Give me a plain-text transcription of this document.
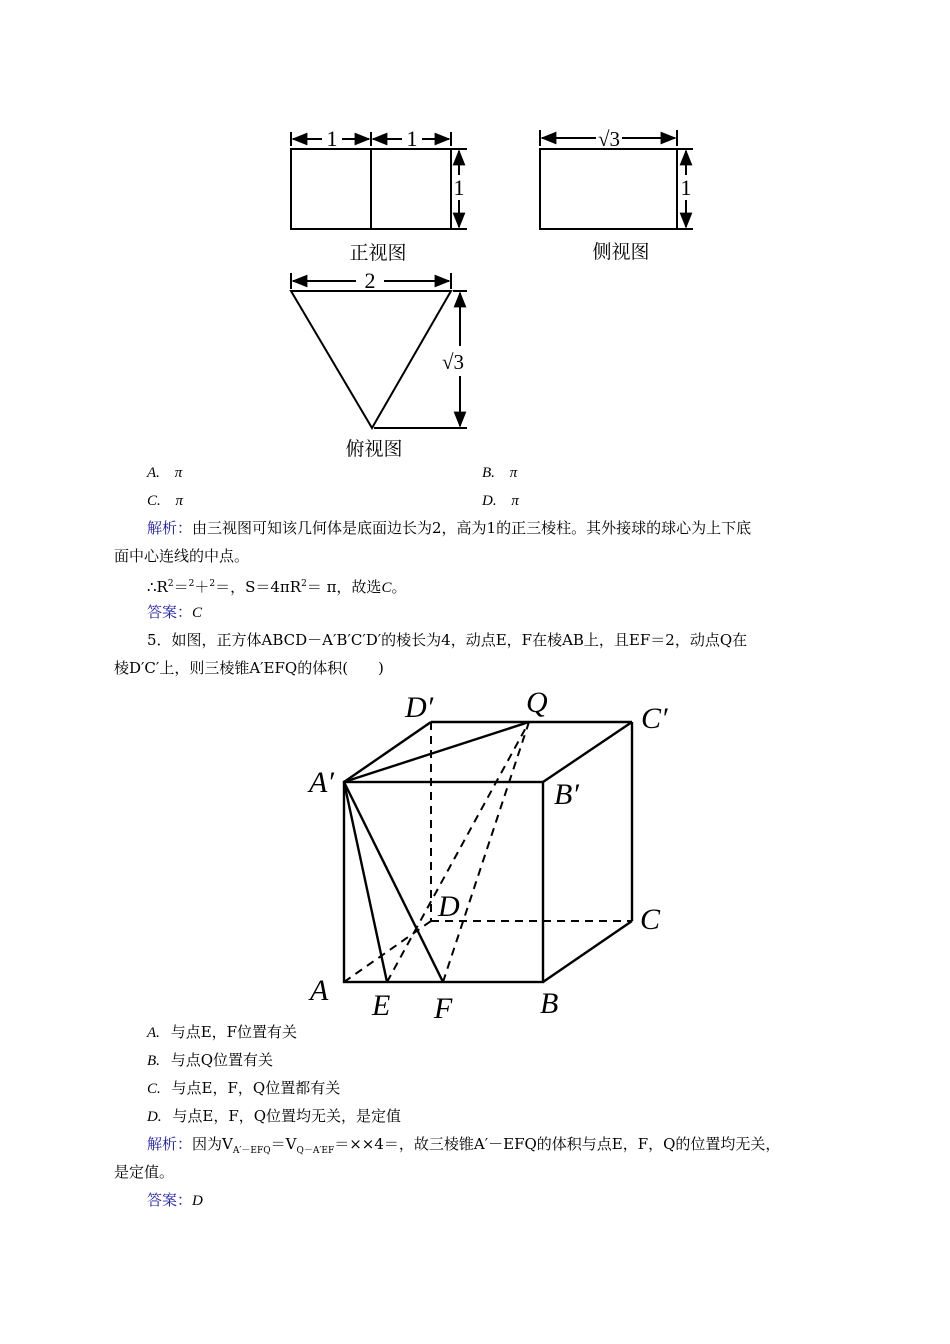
1	1
1
正视图
√3
1
侧视图
2
√3
俯视图
A. π	B. π
C. π	D. π
解析：由三视图可知该几何体是底面边长为2，高为1的正三棱柱。其外接球的球心为上下底
面中心连线的中点。
$\therefore R^2=^2+^2=$，$S=4\pi R^2= \pi$，故选C。
答案：C
5．如图，正方体ABCD－A′B′C′D′的棱长为4，动点E，F在棱AB上，且EF＝2，动点Q在
棱D′C′上，则三棱锥A′EFQ的体积(　　)
D′	Q	C′
A′	B′
D	C
A E F	B
A. 与点E，F位置有关
B. 与点Q位置有关
C. 与点E，F，Q位置都有关
D. 与点E，F，Q位置均无关，是定值
解析：因为$V_{A'-EFQ}=V_{Q-A'EF}=\times\times 4=$，故三棱锥A′－EFQ的体积与点E，F，Q的位置均无关，
是定值。
答案：D
